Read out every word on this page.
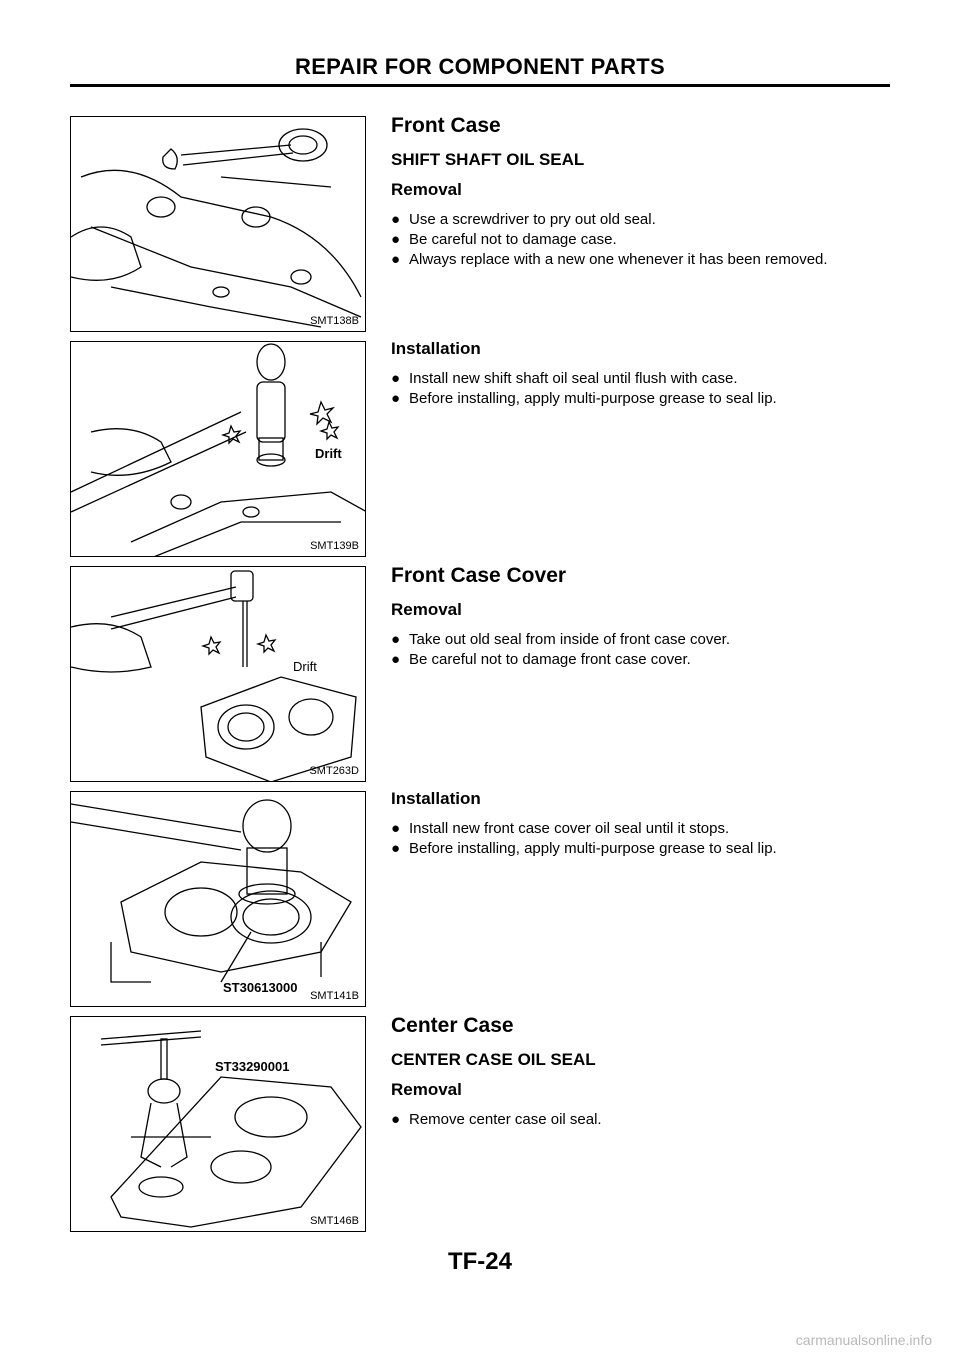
REPAIR FOR COMPONENT PARTS
SMT138B
Drift
SMT139B
Drift
SMT263D
ST30613000
SMT141B
ST33290001
SMT146B
Front Case
SHIFT SHAFT OIL SEAL
Removal
● Use a screwdriver to pry out old seal.
● Be careful not to damage case.
● Always replace with a new one whenever it has been removed.
Installation
● Install new shift shaft oil seal until flush with case.
● Before installing, apply multi-purpose grease to seal lip.
Front Case Cover
Removal
● Take out old seal from inside of front case cover.
● Be careful not to damage front case cover.
Installation
● Install new front case cover oil seal until it stops.
● Before installing, apply multi-purpose grease to seal lip.
Center Case
CENTER CASE OIL SEAL
Removal
● Remove center case oil seal.
TF-24
carmanualsonline.info
